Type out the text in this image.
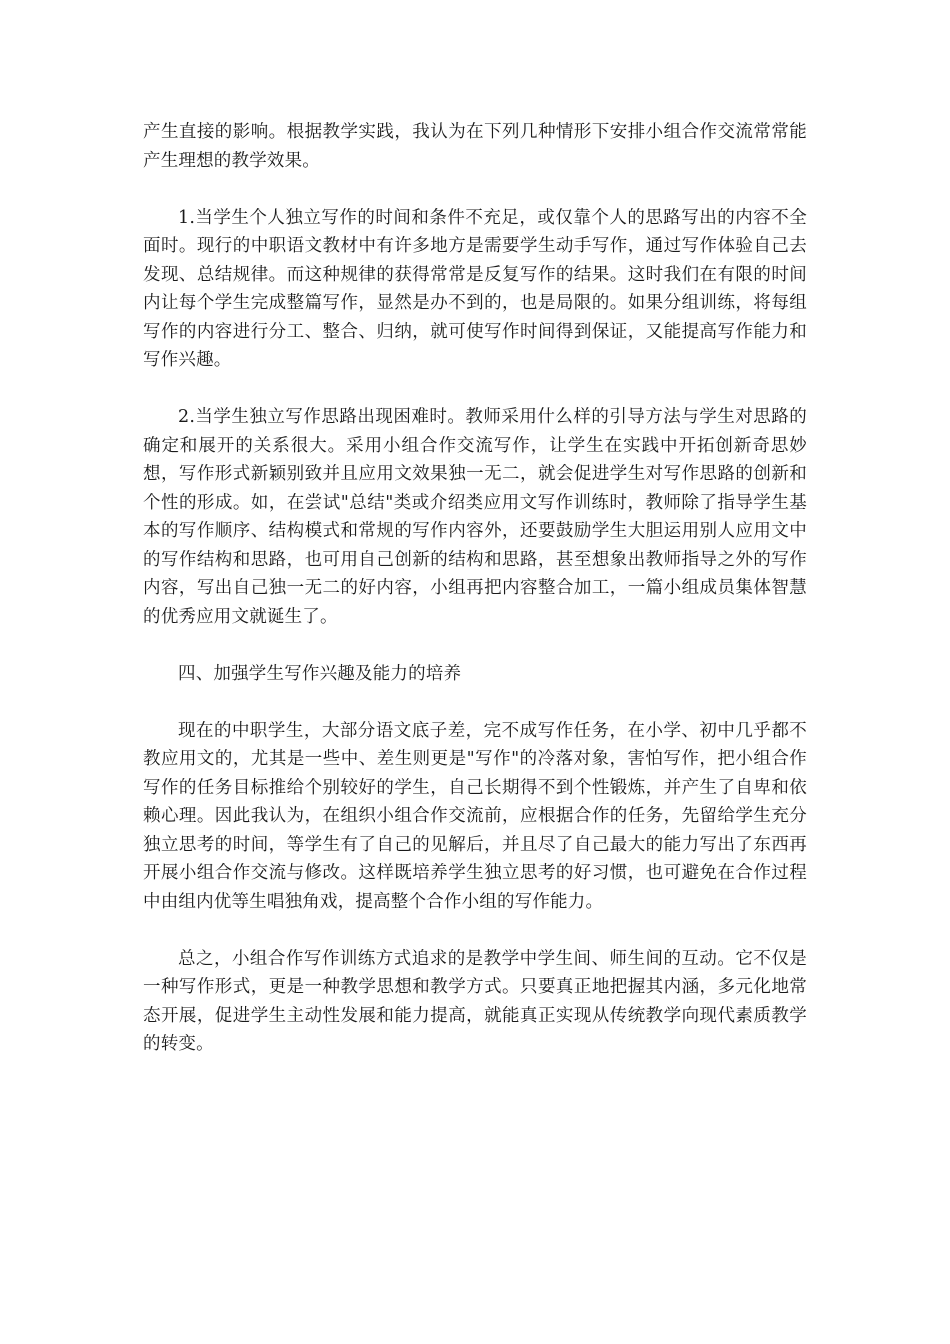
产生直接的影响。根据教学实践，我认为在下列几种情形下安排小组合作交流常常能产生理想的教学效果。

1.当学生个人独立写作的时间和条件不充足，或仅靠个人的思路写出的内容不全面时。现行的中职语文教材中有许多地方是需要学生动手写作，通过写作体验自己去发现、总结规律。而这种规律的获得常常是反复写作的结果。这时我们在有限的时间内让每个学生完成整篇写作，显然是办不到的，也是局限的。如果分组训练，将每组写作的内容进行分工、整合、归纳，就可使写作时间得到保证，又能提高写作能力和写作兴趣。

2.当学生独立写作思路出现困难时。教师采用什么样的引导方法与学生对思路的确定和展开的关系很大。采用小组合作交流写作，让学生在实践中开拓创新奇思妙想，写作形式新颖别致并且应用文效果独一无二，就会促进学生对写作思路的创新和个性的形成。如，在尝试"总结"类或介绍类应用文写作训练时，教师除了指导学生基本的写作顺序、结构模式和常规的写作内容外，还要鼓励学生大胆运用别人应用文中的写作结构和思路，也可用自己创新的结构和思路，甚至想象出教师指导之外的写作内容，写出自己独一无二的好内容，小组再把内容整合加工，一篇小组成员集体智慧的优秀应用文就诞生了。

四、加强学生写作兴趣及能力的培养

现在的中职学生，大部分语文底子差，完不成写作任务，在小学、初中几乎都不教应用文的，尤其是一些中、差生则更是"写作"的冷落对象，害怕写作，把小组合作写作的任务目标推给个别较好的学生，自己长期得不到个性锻炼，并产生了自卑和依赖心理。因此我认为，在组织小组合作交流前，应根据合作的任务，先留给学生充分独立思考的时间，等学生有了自己的见解后，并且尽了自己最大的能力写出了东西再开展小组合作交流与修改。这样既培养学生独立思考的好习惯，也可避免在合作过程中由组内优等生唱独角戏，提高整个合作小组的写作能力。

总之，小组合作写作训练方式追求的是教学中学生间、师生间的互动。它不仅是一种写作形式，更是一种教学思想和教学方式。只要真正地把握其内涵，多元化地常态开展，促进学生主动性发展和能力提高，就能真正实现从传统教学向现代素质教学的转变。
